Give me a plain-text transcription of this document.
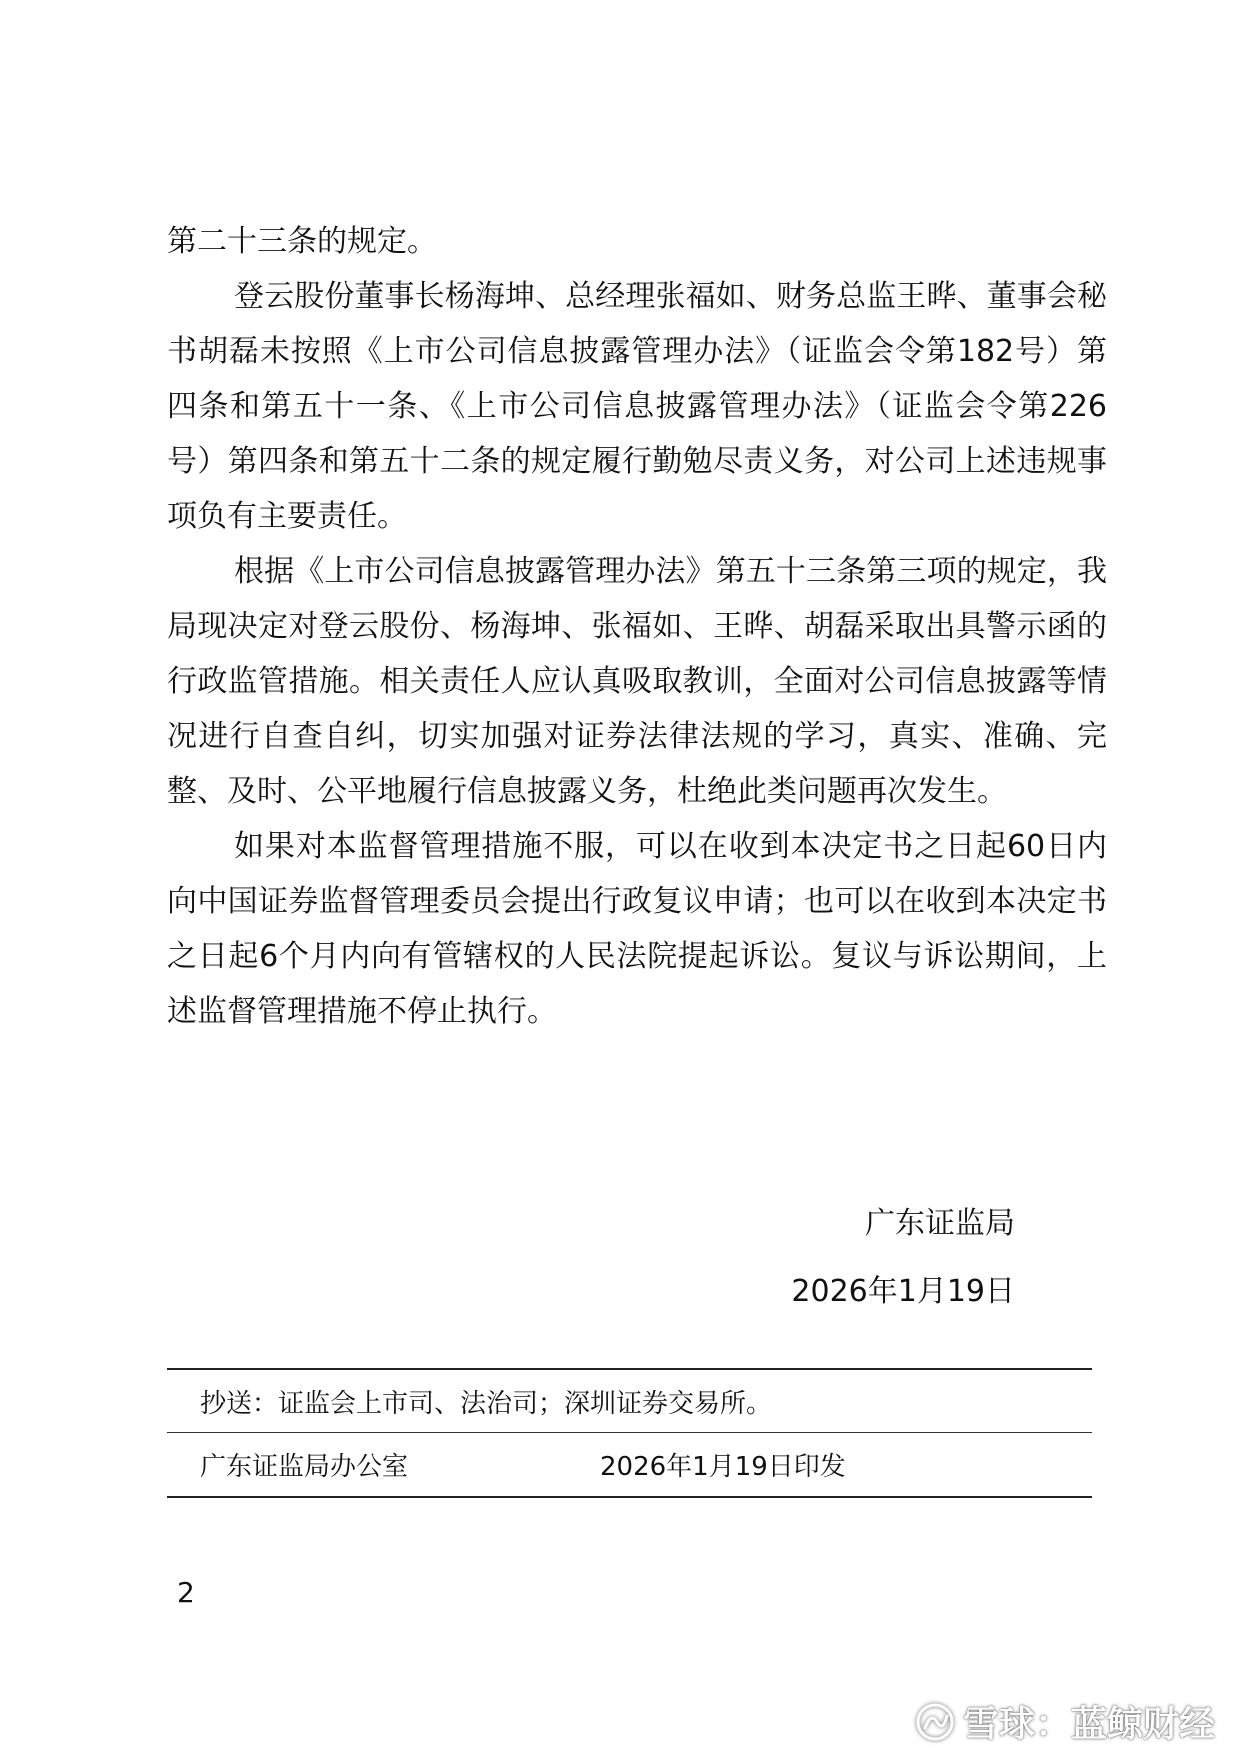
第二十三条的规定。

登云股份董事长杨海坤、总经理张福如、财务总监王晔、董事会秘书胡磊未按照《上市公司信息披露管理办法》（证监会令第182号）第四条和第五十一条、《上市公司信息披露管理办法》（证监会令第226号）第四条和第五十二条的规定履行勤勉尽责义务，对公司上述违规事项负有主要责任。

根据《上市公司信息披露管理办法》第五十三条第三项的规定，我局现决定对登云股份、杨海坤、张福如、王晔、胡磊采取出具警示函的行政监管措施。相关责任人应认真吸取教训，全面对公司信息披露等情况进行自查自纠，切实加强对证券法律法规的学习，真实、准确、完整、及时、公平地履行信息披露义务，杜绝此类问题再次发生。

如果对本监督管理措施不服，可以在收到本决定书之日起60日内向中国证券监督管理委员会提出行政复议申请；也可以在收到本决定书之日起6个月内向有管辖权的人民法院提起诉讼。复议与诉讼期间，上述监督管理措施不停止执行。

广东证监局
2026年1月19日
抄送：证监会上市司、法治司；深圳证券交易所。
广东证监局办公室	2026年1月19日印发
2
雪球：蓝鲸财经
